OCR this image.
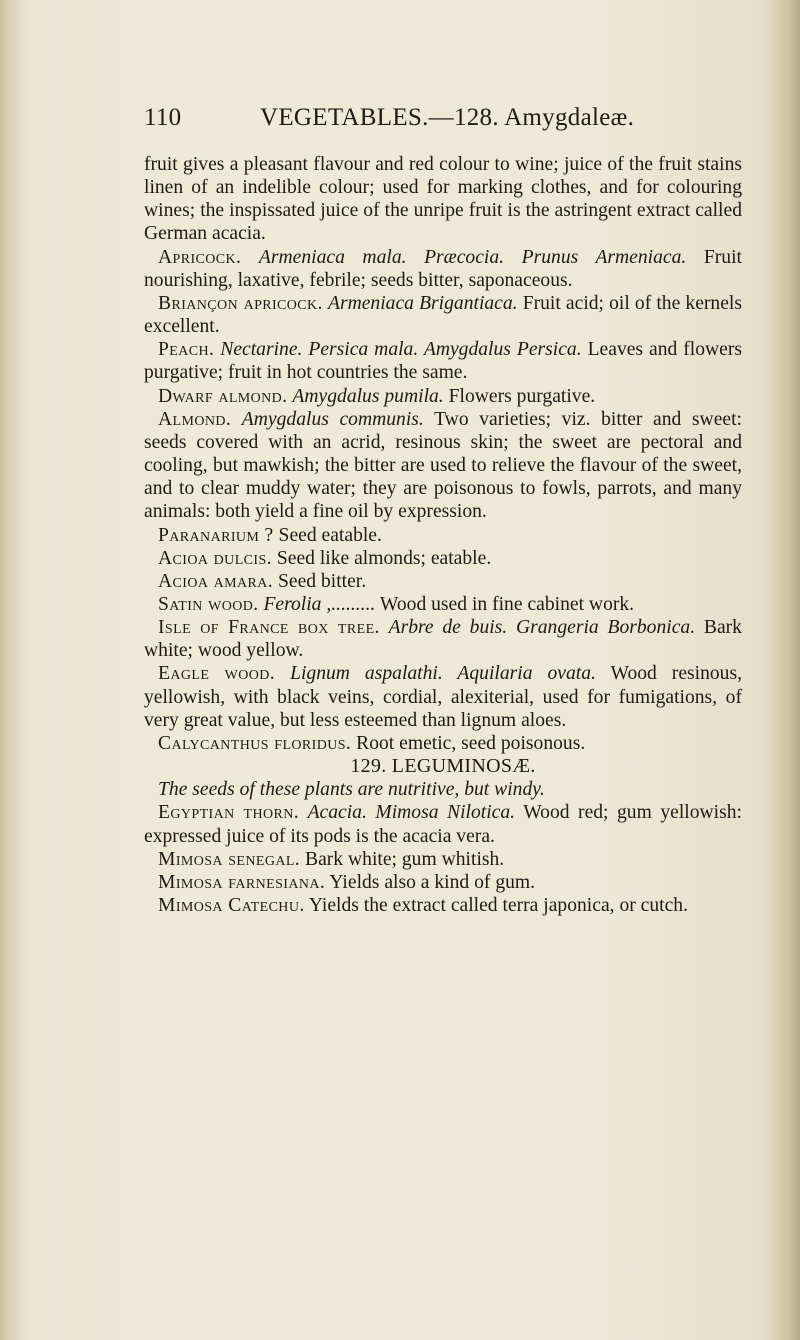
110	VEGETABLES.—128. Amygdaleæ.

fruit gives a pleasant flavour and red colour to wine; juice of the fruit stains linen of an indelible colour; used for marking clothes, and for colouring wines; the inspissated juice of the unripe fruit is the astringent extract called German acacia.

Apricock. Armeniaca mala. Præcocia. Prunus Armeniaca. Fruit nourishing, laxative, febrile; seeds bitter, saponaceous.

Briançon apricock. Armeniaca Brigantiaca. Fruit acid; oil of the kernels excellent.

Peach. Nectarine. Persica mala. Amygdalus Persica. Leaves and flowers purgative; fruit in hot countries the same.

Dwarf almond. Amygdalus pumila. Flowers purgative.

Almond. Amygdalus communis. Two varieties; viz. bitter and sweet: seeds covered with an acrid, resinous skin; the sweet are pectoral and cooling, but mawkish; the bitter are used to relieve the flavour of the sweet, and to clear muddy water; they are poisonous to fowls, parrots, and many animals: both yield a fine oil by expression.

Paranarium ? Seed eatable.

Acioa dulcis. Seed like almonds; eatable.

Acioa amara. Seed bitter.

Satin wood. Ferolia ,......... Wood used in fine cabinet work.

Isle of France box tree. Arbre de buis. Grangeria Borbonica. Bark white; wood yellow.

Eagle wood. Lignum aspalathi. Aquilaria ovata. Wood resinous, yellowish, with black veins, cordial, alexiterial, used for fumigations, of very great value, but less esteemed than lignum aloes.

Calycanthus floridus. Root emetic, seed poisonous.

129. LEGUMINOSÆ.

The seeds of these plants are nutritive, but windy.

Egyptian thorn. Acacia. Mimosa Nilotica. Wood red; gum yellowish: expressed juice of its pods is the acacia vera.

Mimosa senegal. Bark white; gum whitish.

Mimosa farnesiana. Yields also a kind of gum.

Mimosa Catechu. Yields the extract called terra japonica, or cutch.
